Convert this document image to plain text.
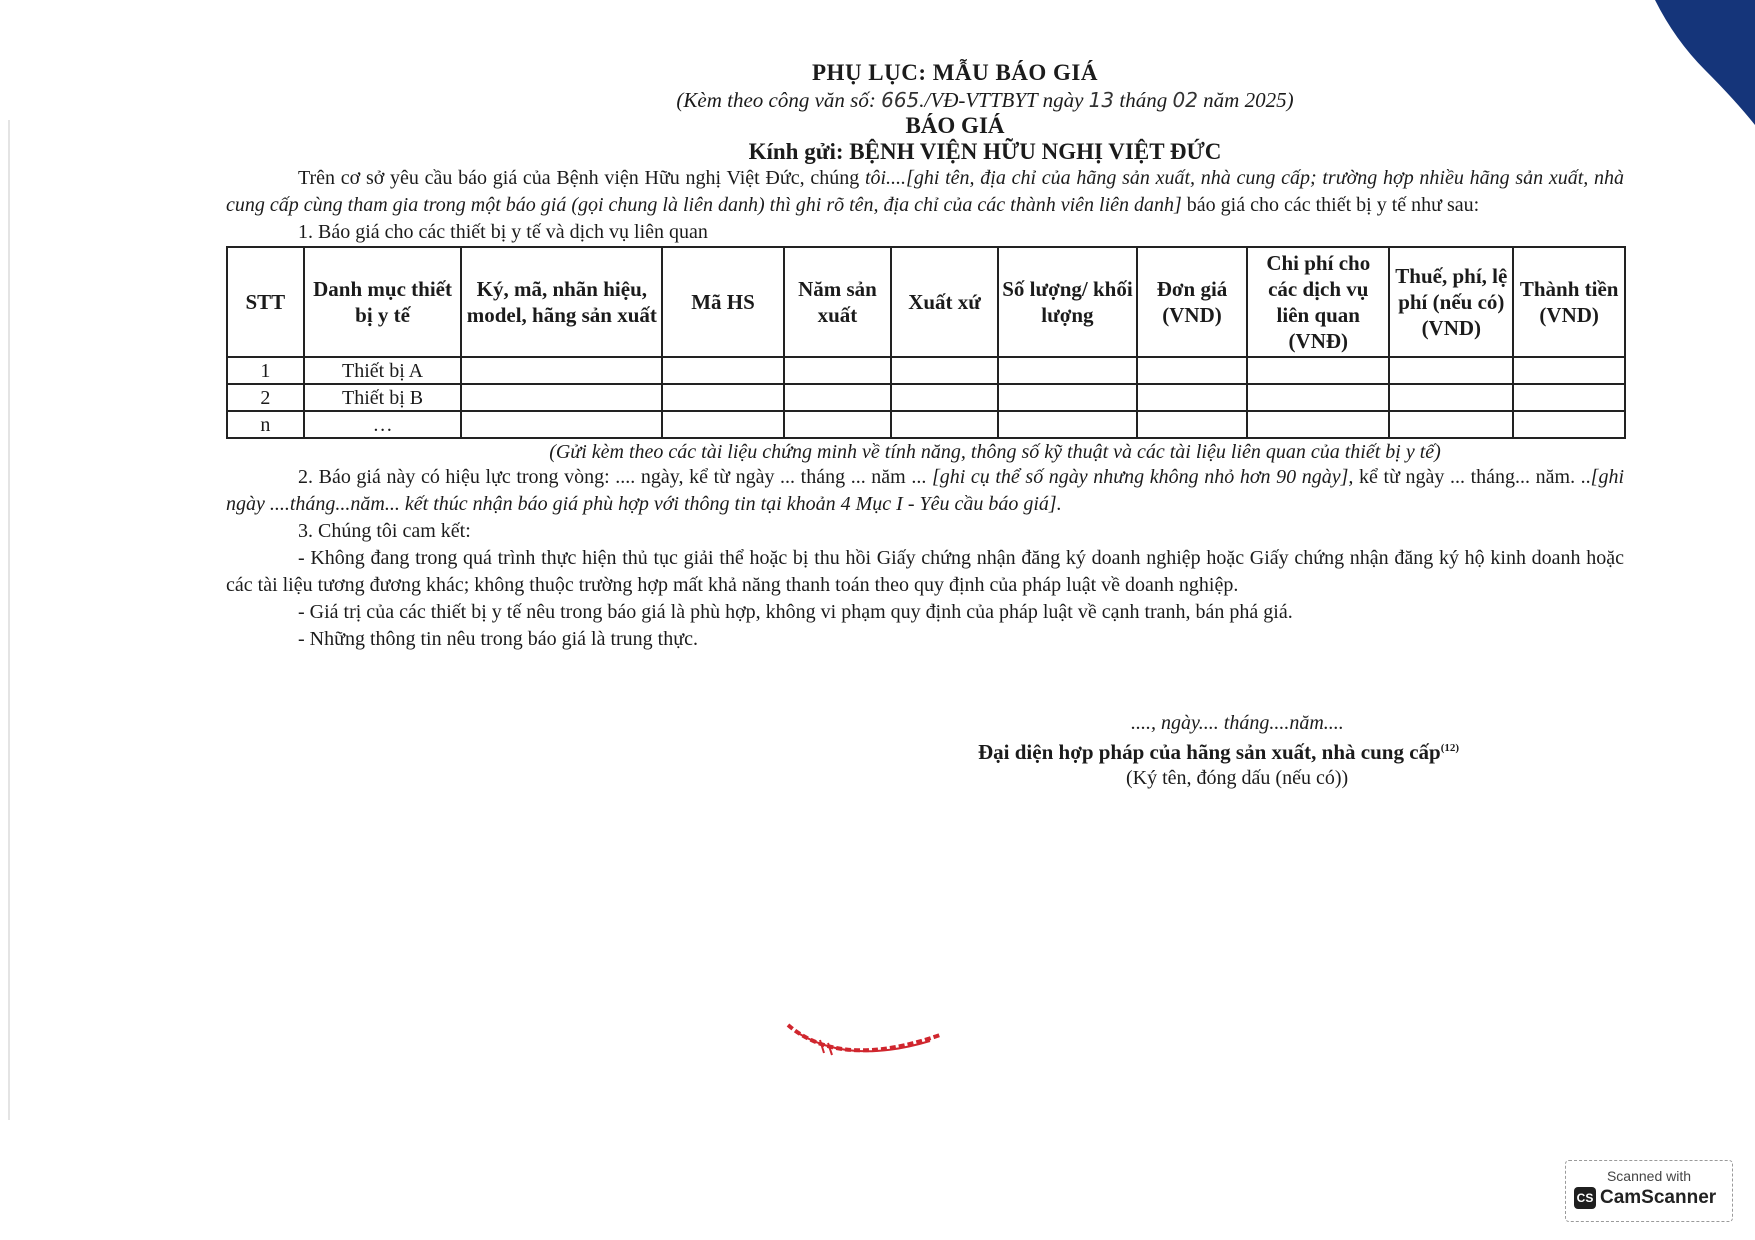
PHỤ LỤC: MẪU BÁO GIÁ
(Kèm theo công văn số: 665./VĐ-VTTBYT ngày 13 tháng 02 năm 2025)
BÁO GIÁ
Kính gửi: BỆNH VIỆN HỮU NGHỊ VIỆT ĐỨC
Trên cơ sở yêu cầu báo giá của Bệnh viện Hữu nghị Việt Đức, chúng tôi....[ghi tên, địa chỉ của hãng sản xuất, nhà cung cấp; trường hợp nhiều hãng sản xuất, nhà cung cấp cùng tham gia trong một báo giá (gọi chung là liên danh) thì ghi rõ tên, địa chỉ của các thành viên liên danh] báo giá cho các thiết bị y tế như sau:
1. Báo giá cho các thiết bị y tế và dịch vụ liên quan
STT	Danh mục thiết bị y tế	Ký, mã, nhãn hiệu, model, hãng sản xuất	Mã HS	Năm sản xuất	Xuất xứ	Số lượng/ khối lượng	Đơn giá (VND)	Chi phí cho các dịch vụ liên quan (VNĐ)	Thuế, phí, lệ phí (nếu có) (VND)	Thành tiền (VND)
1	Thiết bị A									
2	Thiết bị B									
n	…									
(Gửi kèm theo các tài liệu chứng minh về tính năng, thông số kỹ thuật và các tài liệu liên quan của thiết bị y tế)
2. Báo giá này có hiệu lực trong vòng: .... ngày, kể từ ngày ... tháng ... năm ... [ghi cụ thể số ngày nhưng không nhỏ hơn 90 ngày], kể từ ngày ... tháng... năm. ..[ghi ngày ....tháng...năm... kết thúc nhận báo giá phù hợp với thông tin tại khoản 4 Mục I - Yêu cầu báo giá].
3. Chúng tôi cam kết:
- Không đang trong quá trình thực hiện thủ tục giải thể hoặc bị thu hồi Giấy chứng nhận đăng ký doanh nghiệp hoặc Giấy chứng nhận đăng ký hộ kinh doanh hoặc các tài liệu tương đương khác; không thuộc trường hợp mất khả năng thanh toán theo quy định của pháp luật về doanh nghiệp.
- Giá trị của các thiết bị y tế nêu trong báo giá là phù hợp, không vi phạm quy định của pháp luật về cạnh tranh, bán phá giá.
- Những thông tin nêu trong báo giá là trung thực.
...., ngày.... tháng....năm....
Đại diện hợp pháp của hãng sản xuất, nhà cung cấp$^{(12)}$
(Ký tên, đóng dấu (nếu có))
Scanned with
CS CamScanner
